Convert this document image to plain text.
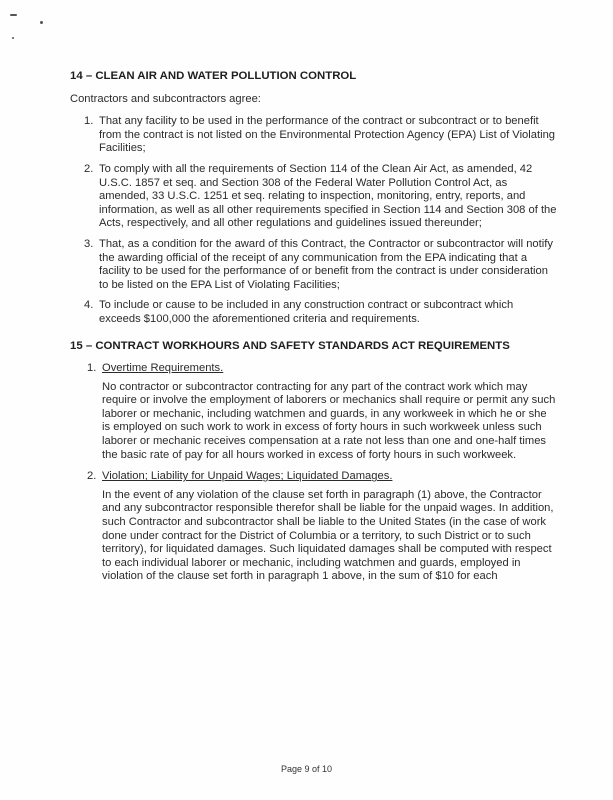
14 – CLEAN AIR AND WATER POLLUTION CONTROL

Contractors and subcontractors agree:

1. That any facility to be used in the performance of the contract or subcontract or to benefit from the contract is not listed on the Environmental Protection Agency (EPA) List of Violating Facilities;
2. To comply with all the requirements of Section 114 of the Clean Air Act, as amended, 42 U.S.C. 1857 et seq. and Section 308 of the Federal Water Pollution Control Act, as amended, 33 U.S.C. 1251 et seq. relating to inspection, monitoring, entry, reports, and information, as well as all other requirements specified in Section 114 and Section 308 of the Acts, respectively, and all other regulations and guidelines issued thereunder;
3. That, as a condition for the award of this Contract, the Contractor or subcontractor will notify the awarding official of the receipt of any communication from the EPA indicating that a facility to be used for the performance of or benefit from the contract is under consideration to be listed on the EPA List of Violating Facilities;
4. To include or cause to be included in any construction contract or subcontract which exceeds $100,000 the aforementioned criteria and requirements.

15 – CONTRACT WORKHOURS AND SAFETY STANDARDS ACT REQUIREMENTS

1. Overtime Requirements.

No contractor or subcontractor contracting for any part of the contract work which may require or involve the employment of laborers or mechanics shall require or permit any such laborer or mechanic, including watchmen and guards, in any workweek in which he or she is employed on such work to work in excess of forty hours in such workweek unless such laborer or mechanic receives compensation at a rate not less than one and one-half times the basic rate of pay for all hours worked in excess of forty hours in such workweek.

2. Violation; Liability for Unpaid Wages; Liquidated Damages.

In the event of any violation of the clause set forth in paragraph (1) above, the Contractor and any subcontractor responsible therefor shall be liable for the unpaid wages. In addition, such Contractor and subcontractor shall be liable to the United States (in the case of work done under contract for the District of Columbia or a territory, to such District or to such territory), for liquidated damages. Such liquidated damages shall be computed with respect to each individual laborer or mechanic, including watchmen and guards, employed in violation of the clause set forth in paragraph 1 above, in the sum of $10 for each

Page 9 of 10
